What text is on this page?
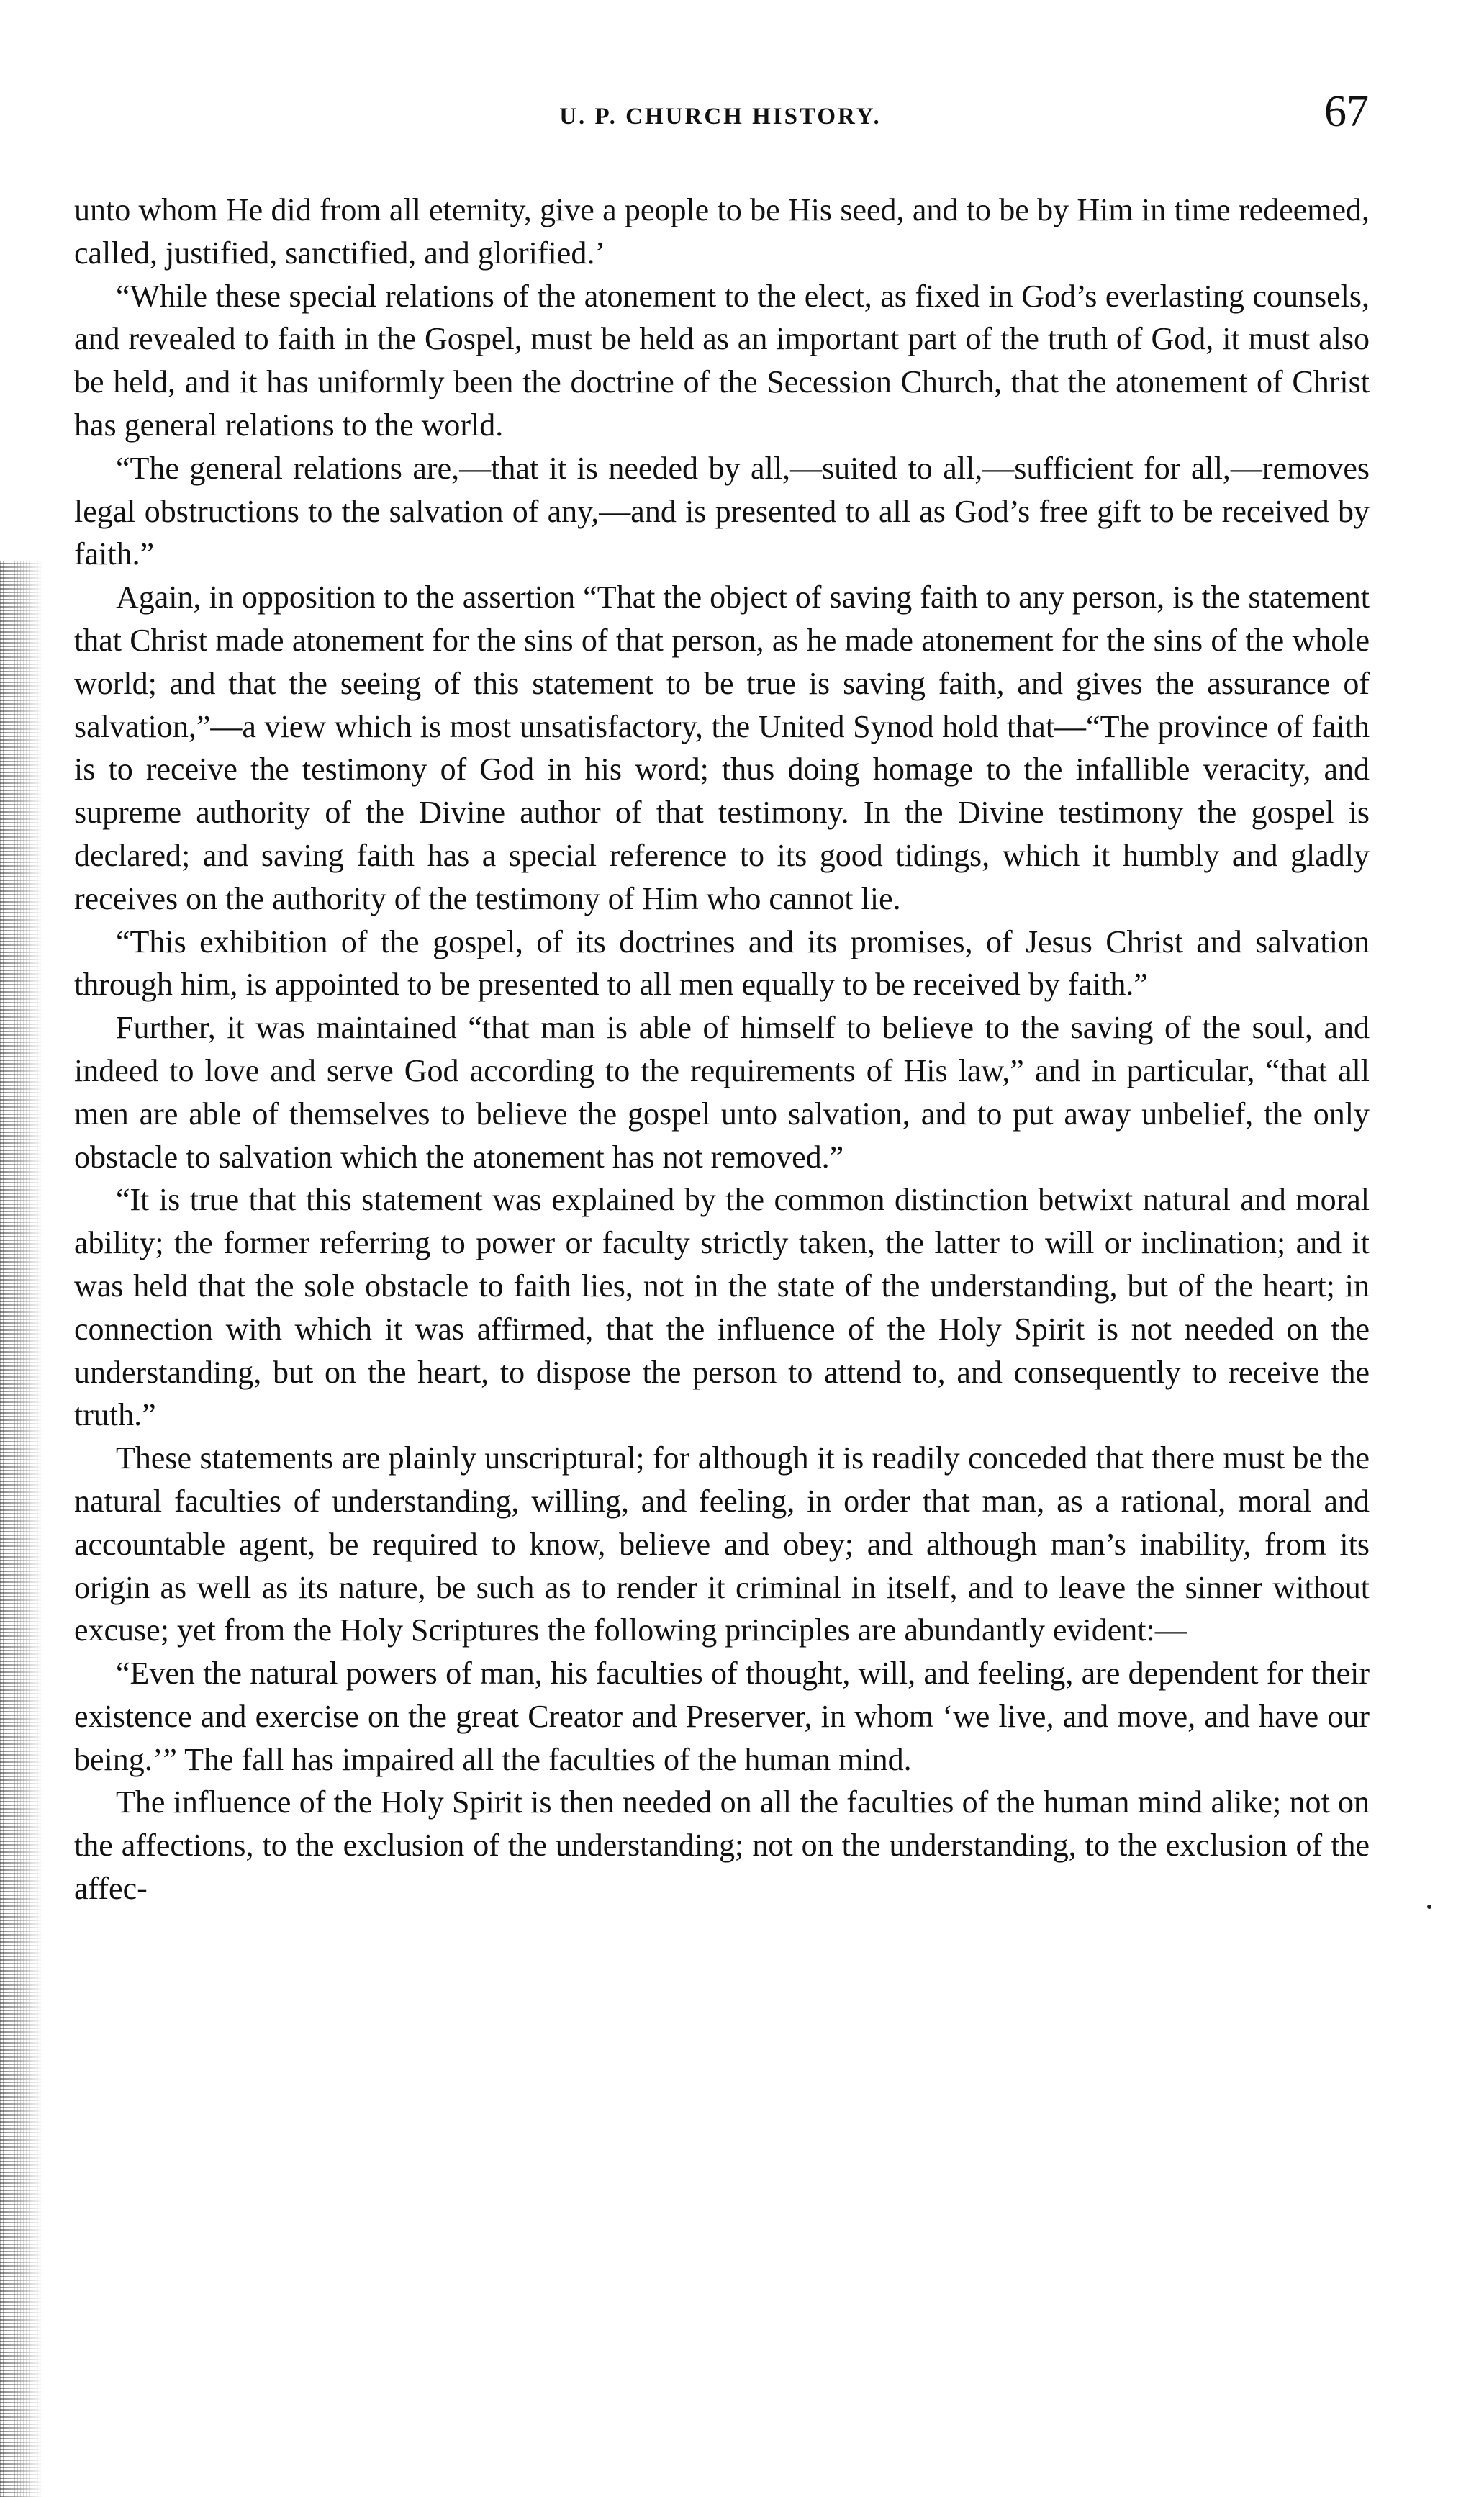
U. P. CHURCH HISTORY.	67

unto whom He did from all eternity, give a people to be His seed, and to be by Him in time redeemed, called, justified, sanctified, and glorified.’

“While these special relations of the atonement to the elect, as fixed in God’s everlasting counsels, and revealed to faith in the Gospel, must be held as an important part of the truth of God, it must also be held, and it has uniformly been the doctrine of the Secession Church, that the atonement of Christ has general relations to the world.

“The general relations are,—that it is needed by all,—suited to all,—sufficient for all,—removes legal obstructions to the salvation of any,—and is presented to all as God’s free gift to be received by faith.”

Again, in opposition to the assertion “That the object of saving faith to any person, is the statement that Christ made atonement for the sins of that person, as he made atonement for the sins of the whole world; and that the seeing of this statement to be true is saving faith, and gives the assurance of salvation,”—a view which is most unsatisfactory, the United Synod hold that—“The province of faith is to receive the testimony of God in his word; thus doing homage to the infallible veracity, and supreme authority of the Divine author of that testimony. In the Divine testimony the gospel is declared; and saving faith has a special reference to its good tidings, which it humbly and gladly receives on the authority of the testimony of Him who cannot lie.

“This exhibition of the gospel, of its doctrines and its promises, of Jesus Christ and salvation through him, is appointed to be presented to all men equally to be received by faith.”

Further, it was maintained “that man is able of himself to believe to the saving of the soul, and indeed to love and serve God according to the requirements of His law,” and in particular, “that all men are able of themselves to believe the gospel unto salvation, and to put away unbelief, the only obstacle to salvation which the atonement has not removed.”

“It is true that this statement was explained by the common distinction betwixt natural and moral ability; the former referring to power or faculty strictly taken, the latter to will or inclination; and it was held that the sole obstacle to faith lies, not in the state of the understanding, but of the heart; in connection with which it was affirmed, that the influence of the Holy Spirit is not needed on the understanding, but on the heart, to dispose the person to attend to, and consequently to receive the truth.”

These statements are plainly unscriptural; for although it is readily conceded that there must be the natural faculties of understanding, willing, and feeling, in order that man, as a rational, moral and accountable agent, be required to know, believe and obey; and although man’s inability, from its origin as well as its nature, be such as to render it criminal in itself, and to leave the sinner without excuse; yet from the Holy Scriptures the following principles are abundantly evident:—

“Even the natural powers of man, his faculties of thought, will, and feeling, are dependent for their existence and exercise on the great Creator and Preserver, in whom ‘we live, and move, and have our being.’” The fall has impaired all the faculties of the human mind.

The influence of the Holy Spirit is then needed on all the faculties of the human mind alike; not on the affections, to the exclusion of the understanding; not on the understanding, to the exclusion of the affec-
